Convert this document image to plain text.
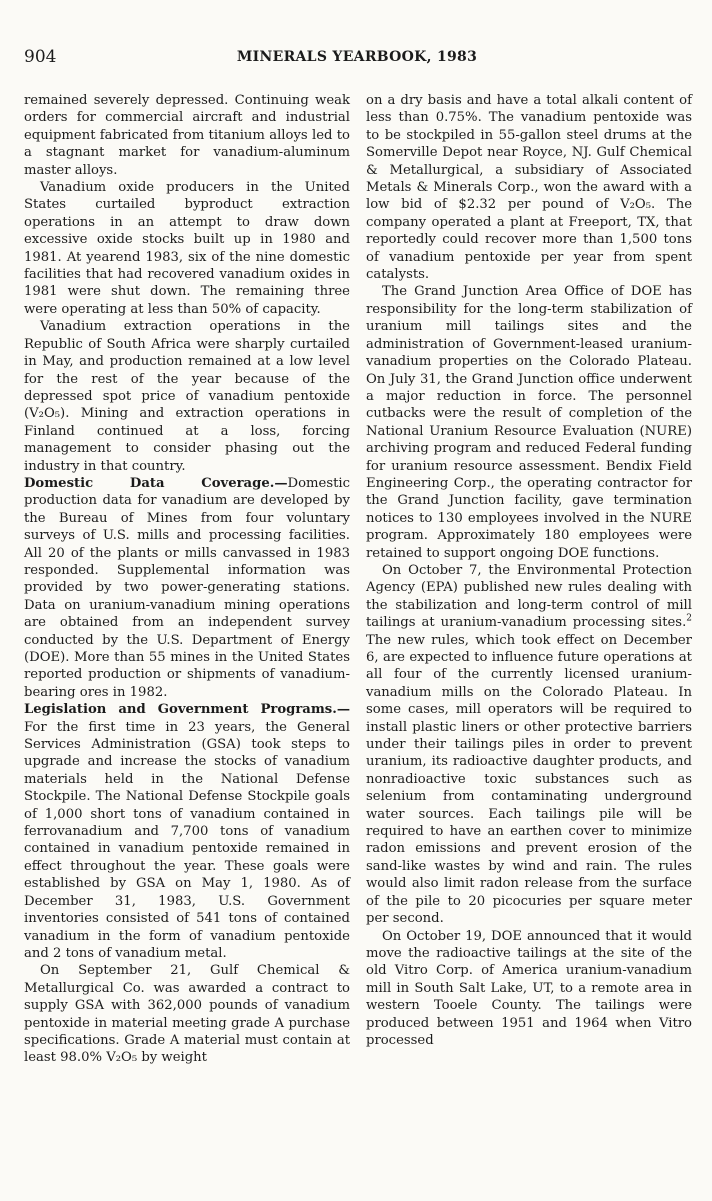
904	MINERALS YEARBOOK, 1983

remained severely depressed. Continuing weak orders for commercial aircraft and industrial equipment fabricated from titanium alloys led to a stagnant market for vanadium-aluminum master alloys.

Vanadium oxide producers in the United States curtailed byproduct extraction operations in an attempt to draw down excessive oxide stocks built up in 1980 and 1981. At yearend 1983, six of the nine domestic facilities that had recovered vanadium oxides in 1981 were shut down. The remaining three were operating at less than 50% of capacity.

Vanadium extraction operations in the Republic of South Africa were sharply curtailed in May, and production remained at a low level for the rest of the year because of the depressed spot price of vanadium pentoxide (V₂O₅). Mining and extraction operations in Finland continued at a loss, forcing management to consider phasing out the industry in that country.

Domestic Data Coverage. — Domestic production data for vanadium are developed by the Bureau of Mines from four voluntary surveys of U.S. mills and processing facilities. All 20 of the plants or mills canvassed in 1983 responded. Supplemental information was provided by two power-generating stations. Data on uranium-vanadium mining operations are obtained from an independent survey conducted by the U.S. Department of Energy (DOE). More than 55 mines in the United States reported production or shipments of vanadium-bearing ores in 1982.

Legislation and Government Programs. —For the first time in 23 years, the General Services Administration (GSA) took steps to upgrade and increase the stocks of vanadium materials held in the National Defense Stockpile. The National Defense Stockpile goals of 1,000 short tons of vanadium contained in ferrovanadium and 7,700 tons of vanadium contained in vanadium pentoxide remained in effect throughout the year. These goals were established by GSA on May 1, 1980. As of December 31, 1983, U.S. Government inventories consisted of 541 tons of contained vanadium in the form of vanadium pentoxide and 2 tons of vanadium metal.

On September 21, Gulf Chemical & Metallurgical Co. was awarded a contract to supply GSA with 362,000 pounds of vanadium pentoxide in material meeting grade A purchase specifications. Grade A material must contain at least 98.0% V₂O₅ by weight

on a dry basis and have a total alkali content of less than 0.75%. The vanadium pentoxide was to be stockpiled in 55-gallon steel drums at the Somerville Depot near Royce, NJ. Gulf Chemical & Metallurgical, a subsidiary of Associated Metals & Minerals Corp., won the award with a low bid of $2.32 per pound of V₂O₅. The company operated a plant at Freeport, TX, that reportedly could recover more than 1,500 tons of vanadium pentoxide per year from spent catalysts.

The Grand Junction Area Office of DOE has responsibility for the long-term stabilization of uranium mill tailings sites and the administration of Government-leased uranium-vanadium properties on the Colorado Plateau. On July 31, the Grand Junction office underwent a major reduction in force. The personnel cutbacks were the result of completion of the National Uranium Resource Evaluation (NURE) archiving program and reduced Federal funding for uranium resource assessment. Bendix Field Engineering Corp., the operating contractor for the Grand Junction facility, gave termination notices to 130 employees involved in the NURE program. Approximately 180 employees were retained to support ongoing DOE functions.

On October 7, the Environmental Protection Agency (EPA) published new rules dealing with the stabilization and long-term control of mill tailings at uranium-vanadium processing sites.$^2$ The new rules, which took effect on December 6, are expected to influence future operations at all four of the currently licensed uranium-vanadium mills on the Colorado Plateau. In some cases, mill operators will be required to install plastic liners or other protective barriers under their tailings piles in order to prevent uranium, its radioactive daughter products, and nonradioactive toxic substances such as selenium from contaminating underground water sources. Each tailings pile will be required to have an earthen cover to minimize radon emissions and prevent erosion of the sand-like wastes by wind and rain. The rules would also limit radon release from the surface of the pile to 20 picocuries per square meter per second.

On October 19, DOE announced that it would move the radioactive tailings at the site of the old Vitro Corp. of America uranium-vanadium mill in South Salt Lake, UT, to a remote area in western Tooele County. The tailings were produced between 1951 and 1964 when Vitro processed
